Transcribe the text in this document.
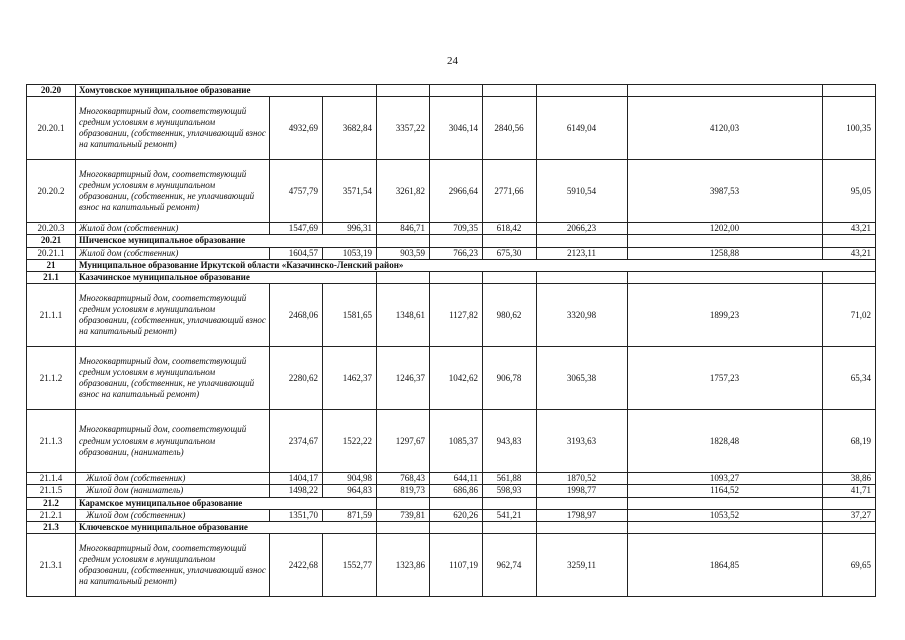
24
20.20	Хомутовское муниципальное образование								
20.20.1	Многоквартирный дом, соответствующий средним условиям в муниципальном образовании, (собственник, уплачивающий взнос на капитальный ремонт)	4932,69	3682,84	3357,22	3046,14	2840,56	6149,04	4120,03	100,35
20.20.2	Многоквартирный дом, соответствующий средним условиям в муниципальном образовании, (собственник, не уплачивающий взнос на капитальный ремонт)	4757,79	3571,54	3261,82	2966,64	2771,66	5910,54	3987,53	95,05
20.20.3	Жилой дом (собственник)	1547,69	996,31	846,71	709,35	618,42	2066,23	1202,00	43,21
20.21	Шиченское муниципальное образование								
20.21.1	Жилой дом (собственник)	1604,57	1053,19	903,59	766,23	675,30	2123,11	1258,88	43,21
21	Муниципальное образование Иркутской области «Казачинско-Ленский район»								
21.1	Казачинское муниципальное образование								
21.1.1	Многоквартирный дом, соответствующий средним условиям в муниципальном образовании, (собственник, уплачивающий взнос на капитальный ремонт)	2468,06	1581,65	1348,61	1127,82	980,62	3320,98	1899,23	71,02
21.1.2	Многоквартирный дом, соответствующий средним условиям в муниципальном образовании, (собственник, не уплачивающий взнос на капитальный ремонт)	2280,62	1462,37	1246,37	1042,62	906,78	3065,38	1757,23	65,34
21.1.3	Многоквартирный дом, соответствующий средним условиям в муниципальном образовании, (наниматель)	2374,67	1522,22	1297,67	1085,37	943,83	3193,63	1828,48	68,19
21.1.4	Жилой дом (собственник)	1404,17	904,98	768,43	644,11	561,88	1870,52	1093,27	38,86
21.1.5	Жилой дом (наниматель)	1498,22	964,83	819,73	686,86	598,93	1998,77	1164,52	41,71
21.2	Карамское муниципальное образование								
21.2.1	Жилой дом (собственник)	1351,70	871,59	739,81	620,26	541,21	1798,97	1053,52	37,27
21.3	Ключевское муниципальное образование								
21.3.1	Многоквартирный дом, соответствующий средним условиям в муниципальном образовании, (собственник, уплачивающий взнос на капитальный ремонт)	2422,68	1552,77	1323,86	1107,19	962,74	3259,11	1864,85	69,65
